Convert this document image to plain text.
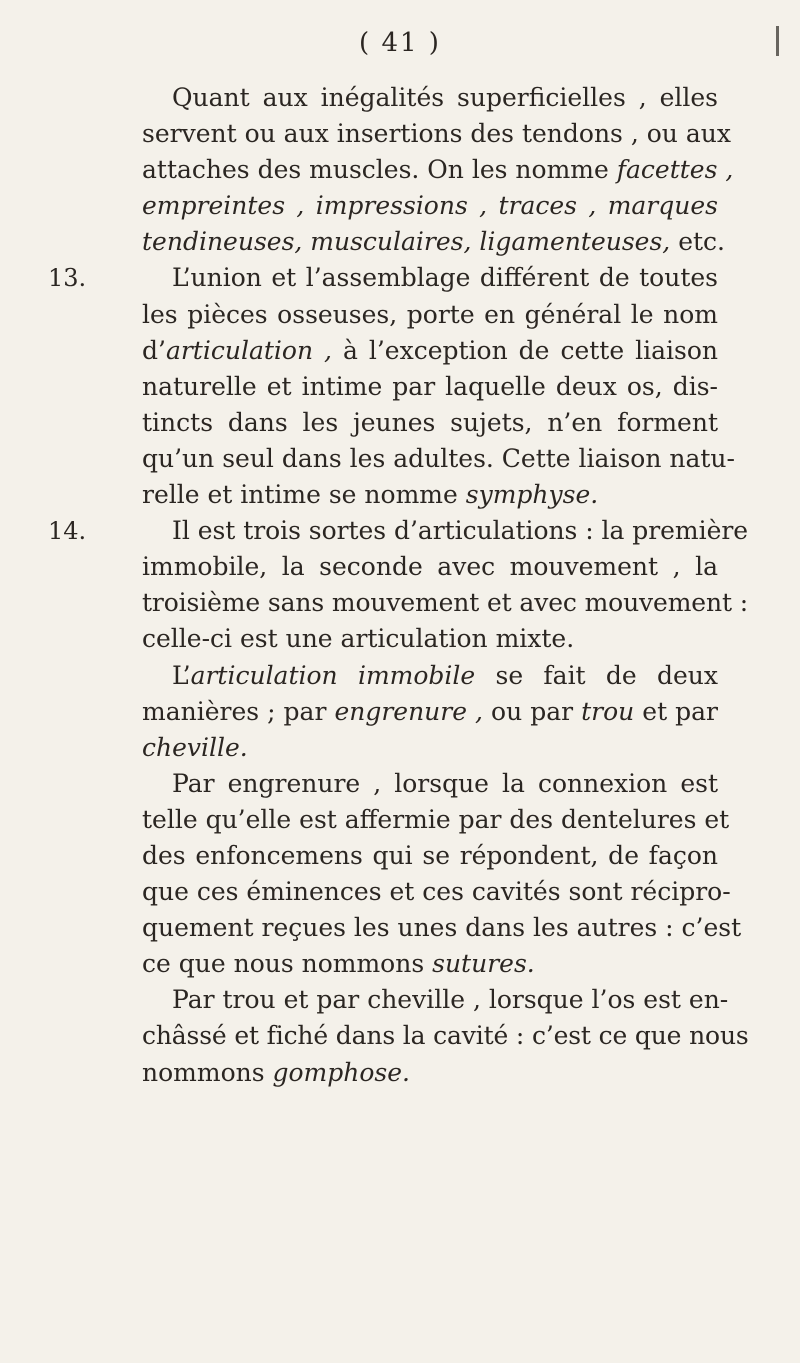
( 41 )

Quant aux inégalités superficielles , elles
servent ou aux insertions des tendons , ou aux
attaches des muscles. On les nomme facettes ,
empreintes , impressions , traces , marques
tendineuses, musculaires, ligamenteuses, etc.

13.	L’union et l’assemblage différent de toutes
les pièces osseuses, porte en général le nom
d’articulation , à l’exception de cette liaison
naturelle et intime par laquelle deux os, dis-
tincts dans les jeunes sujets, n’en forment
qu’un seul dans les adultes. Cette liaison natu-
relle et intime se nomme symphyse.

14.	Il est trois sortes d’articulations : la première
immobile, la seconde avec mouvement , la
troisième sans mouvement et avec mouvement :
celle-ci est une articulation mixte.

L’articulation immobile se fait de deux
manières ; par engrenure , ou par trou et par
cheville.

Par engrenure , lorsque la connexion est
telle qu’elle est affermie par des dentelures et
des enfoncemens qui se répondent, de façon
que ces éminences et ces cavités sont récipro-
quement reçues les unes dans les autres : c’est
ce que nous nommons sutures.

Par trou et par cheville , lorsque l’os est en-
châssé et fiché dans la cavité : c’est ce que nous
nommons gomphose.
